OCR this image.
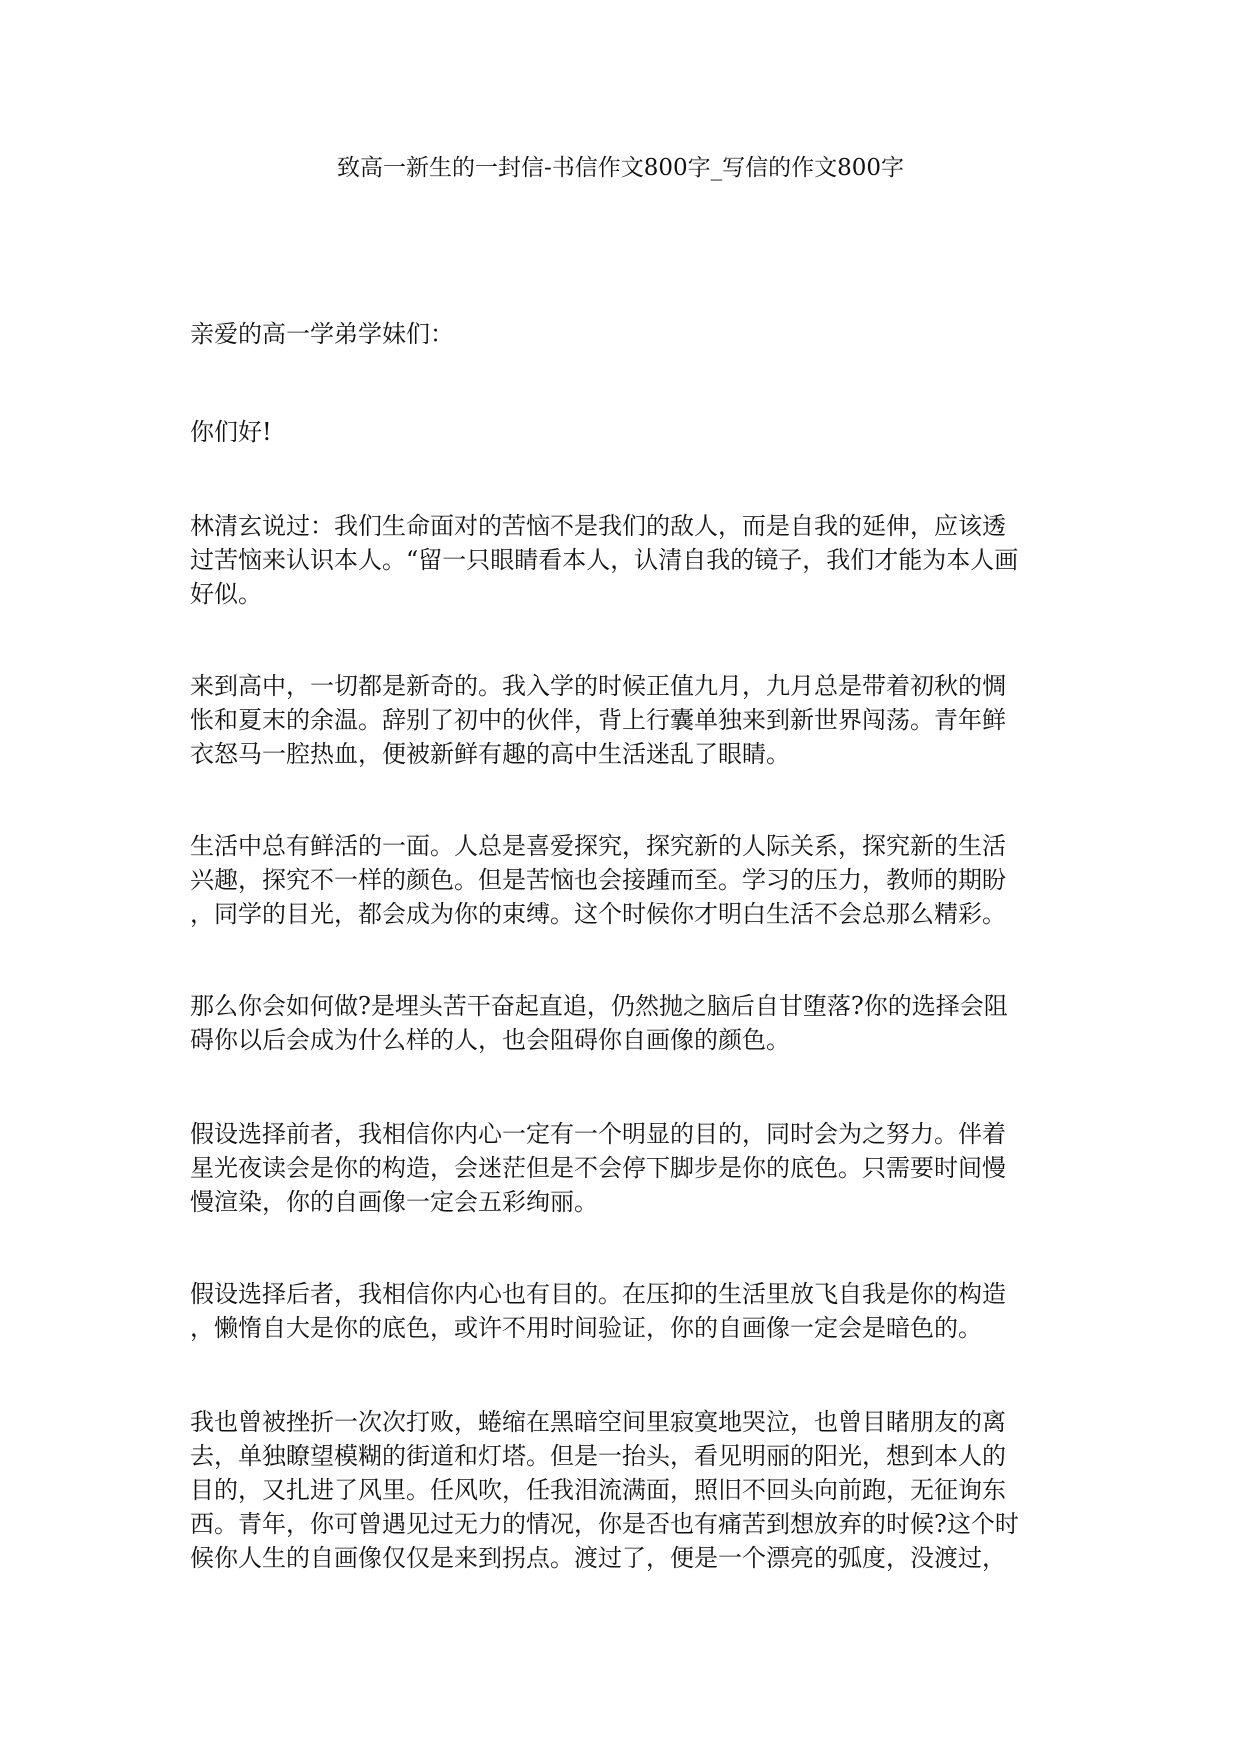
致高一新生的一封信-书信作文800字_写信的作文800字

亲爱的高一学弟学妹们：

你们好!

林清玄说过：我们生命面对的苦恼不是我们的敌人，而是自我的延伸，应该透
过苦恼来认识本人。“留一只眼睛看本人，认清自我的镜子，我们才能为本人画
好似。

来到高中，一切都是新奇的。我入学的时候正值九月，九月总是带着初秋的惆
怅和夏末的余温。辞别了初中的伙伴，背上行囊单独来到新世界闯荡。青年鲜
衣怒马一腔热血，便被新鲜有趣的高中生活迷乱了眼睛。

生活中总有鲜活的一面。人总是喜爱探究，探究新的人际关系，探究新的生活
兴趣，探究不一样的颜色。但是苦恼也会接踵而至。学习的压力，教师的期盼
，同学的目光，都会成为你的束缚。这个时候你才明白生活不会总那么精彩。

那么你会如何做?是埋头苦干奋起直追，仍然抛之脑后自甘堕落?你的选择会阻
碍你以后会成为什么样的人，也会阻碍你自画像的颜色。

假设选择前者，我相信你内心一定有一个明显的目的，同时会为之努力。伴着
星光夜读会是你的构造，会迷茫但是不会停下脚步是你的底色。只需要时间慢
慢渲染，你的自画像一定会五彩绚丽。

假设选择后者，我相信你内心也有目的。在压抑的生活里放飞自我是你的构造
，懒惰自大是你的底色，或许不用时间验证，你的自画像一定会是暗色的。

我也曾被挫折一次次打败，蜷缩在黑暗空间里寂寞地哭泣，也曾目睹朋友的离
去，单独瞭望模糊的街道和灯塔。但是一抬头，看见明丽的阳光，想到本人的
目的，又扎进了风里。任风吹，任我泪流满面，照旧不回头向前跑，无征询东
西。青年，你可曾遇见过无力的情况，你是否也有痛苦到想放弃的时候?这个时
候你人生的自画像仅仅是来到拐点。渡过了，便是一个漂亮的弧度，没渡过，
